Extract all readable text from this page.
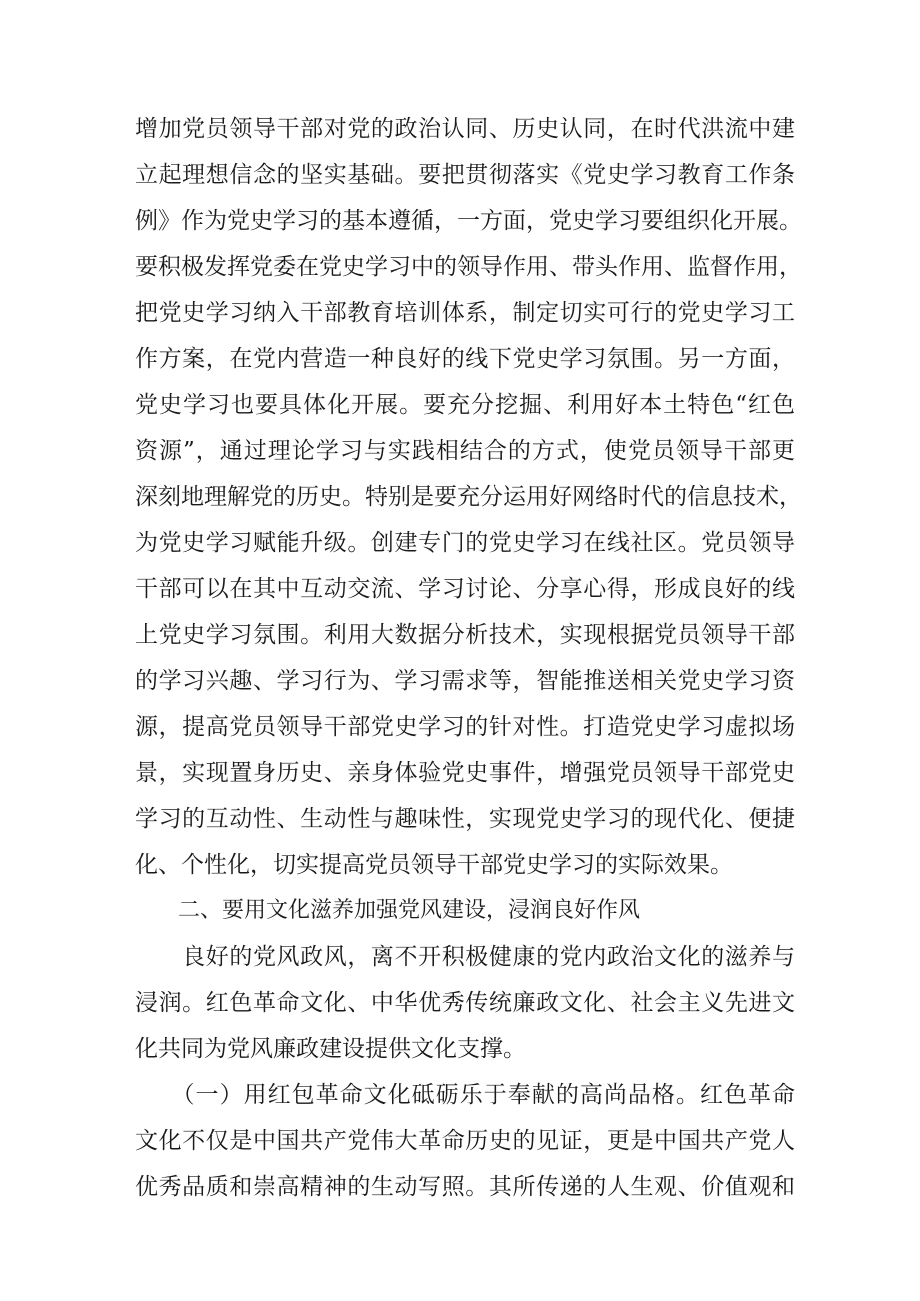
增加党员领导干部对党的政治认同、历史认同，在时代洪流中建
立起理想信念的坚实基础。要把贯彻落实《党史学习教育工作条
例》作为党史学习的基本遵循，一方面，党史学习要组织化开展。
要积极发挥党委在党史学习中的领导作用、带头作用、监督作用，
把党史学习纳入干部教育培训体系，制定切实可行的党史学习工
作方案，在党内营造一种良好的线下党史学习氛围。另一方面，
党史学习也要具体化开展。要充分挖掘、利用好本土特色“红色
资源”，通过理论学习与实践相结合的方式，使党员领导干部更
深刻地理解党的历史。特别是要充分运用好网络时代的信息技术，
为党史学习赋能升级。创建专门的党史学习在线社区。党员领导
干部可以在其中互动交流、学习讨论、分享心得，形成良好的线
上党史学习氛围。利用大数据分析技术，实现根据党员领导干部
的学习兴趣、学习行为、学习需求等，智能推送相关党史学习资
源，提高党员领导干部党史学习的针对性。打造党史学习虚拟场
景，实现置身历史、亲身体验党史事件，增强党员领导干部党史
学习的互动性、生动性与趣味性，实现党史学习的现代化、便捷
化、个性化，切实提高党员领导干部党史学习的实际效果。
二、要用文化滋养加强党风建设，浸润良好作风
　　良好的党风政风，离不开积极健康的党内政治文化的滋养与
浸润。红色革命文化、中华优秀传统廉政文化、社会主义先进文
化共同为党风廉政建设提供文化支撑。
　　（一）用红包革命文化砥砺乐于奉献的高尚品格。红色革命
文化不仅是中国共产党伟大革命历史的见证，更是中国共产党人
优秀品质和崇高精神的生动写照。其所传递的人生观、价值观和
